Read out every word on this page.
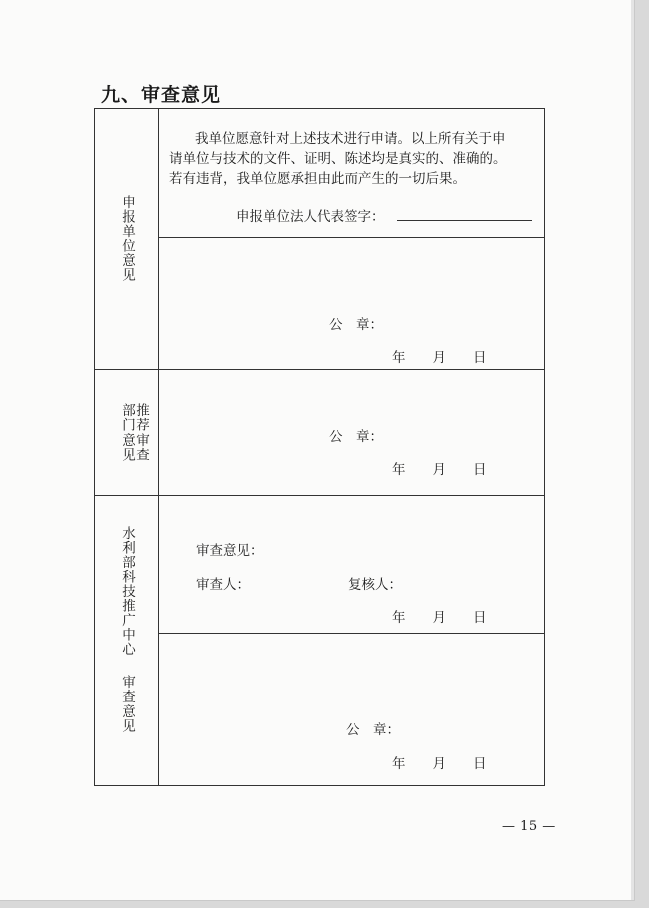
九、审查意见
申报单位意见

我单位愿意针对上述技术进行申请。以上所有关于申

请单位与技术的文件、证明、陈述均是真实的、准确的。

若有违背，我单位愿承担由此而产生的一切后果。

申报单位法人代表签字：
公　章：
年　　月　　日
推荐
部门
审查
意见	公　章：
年　　月　　日
水利部科技推广中心
审查意见
审查意见：
审查人：	复核人：
年　　月　　日
公　章：
年　　月　　日
— 15 —
